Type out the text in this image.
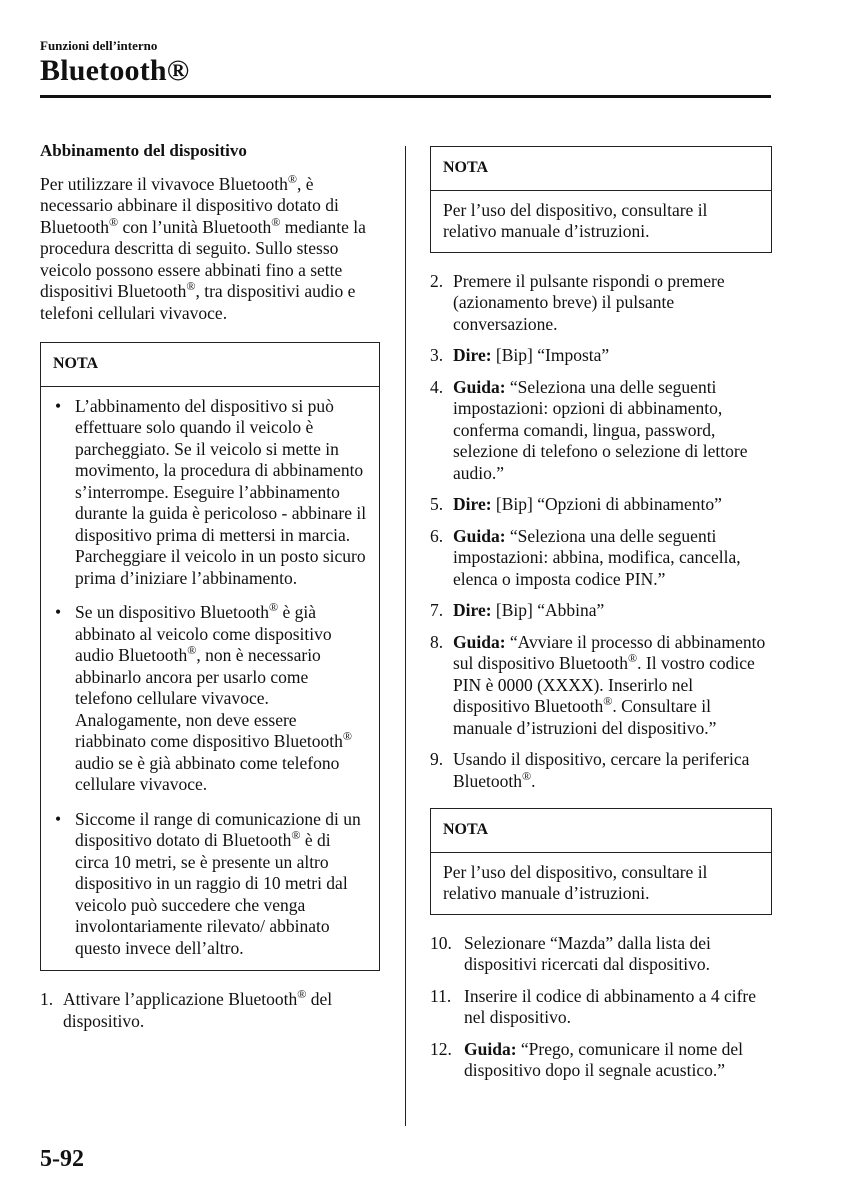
Funzioni dell’interno
Bluetooth®
Abbinamento del dispositivo

Per utilizzare il vivavoce Bluetooth®, è necessario abbinare il dispositivo dotato di Bluetooth® con l’unità Bluetooth® mediante la procedura descritta di seguito. Sullo stesso veicolo possono essere abbinati fino a sette dispositivi Bluetooth®, tra dispositivi audio e telefoni cellulari vivavoce.

NOTA
• L’abbinamento del dispositivo si può effettuare solo quando il veicolo è parcheggiato. Se il veicolo si mette in movimento, la procedura di abbinamento s’interrompe. Eseguire l’abbinamento durante la guida è pericoloso - abbinare il dispositivo prima di mettersi in marcia. Parcheggiare il veicolo in un posto sicuro prima d’iniziare l’abbinamento.
• Se un dispositivo Bluetooth® è già abbinato al veicolo come dispositivo audio Bluetooth®, non è necessario abbinarlo ancora per usarlo come telefono cellulare vivavoce. Analogamente, non deve essere riabbinato come dispositivo Bluetooth® audio se è già abbinato come telefono cellulare vivavoce.
• Siccome il range di comunicazione di un dispositivo dotato di Bluetooth® è di circa 10 metri, se è presente un altro dispositivo in un raggio di 10 metri dal veicolo può succedere che venga involontariamente rilevato/ abbinato questo invece dell’altro.
1. Attivare l’applicazione Bluetooth® del dispositivo.
NOTA
Per l’uso del dispositivo, consultare il relativo manuale d’istruzioni.
2. Premere il pulsante rispondi o premere (azionamento breve) il pulsante conversazione.
3. Dire: [Bip] “Imposta”
4. Guida: “Seleziona una delle seguenti impostazioni: opzioni di abbinamento, conferma comandi, lingua, password, selezione di telefono o selezione di lettore audio.”
5. Dire: [Bip] “Opzioni di abbinamento”
6. Guida: “Seleziona una delle seguenti impostazioni: abbina, modifica, cancella, elenca o imposta codice PIN.”
7. Dire: [Bip] “Abbina”
8. Guida: “Avviare il processo di abbinamento sul dispositivo Bluetooth®. Il vostro codice PIN è 0000 (XXXX). Inserirlo nel dispositivo Bluetooth®. Consultare il manuale d’istruzioni del dispositivo.”
9. Usando il dispositivo, cercare la periferica Bluetooth®.
NOTA
Per l’uso del dispositivo, consultare il relativo manuale d’istruzioni.
10. Selezionare “Mazda” dalla lista dei dispositivi ricercati dal dispositivo.
11. Inserire il codice di abbinamento a 4 cifre nel dispositivo.
12. Guida: “Prego, comunicare il nome del dispositivo dopo il segnale acustico.”
5-92
